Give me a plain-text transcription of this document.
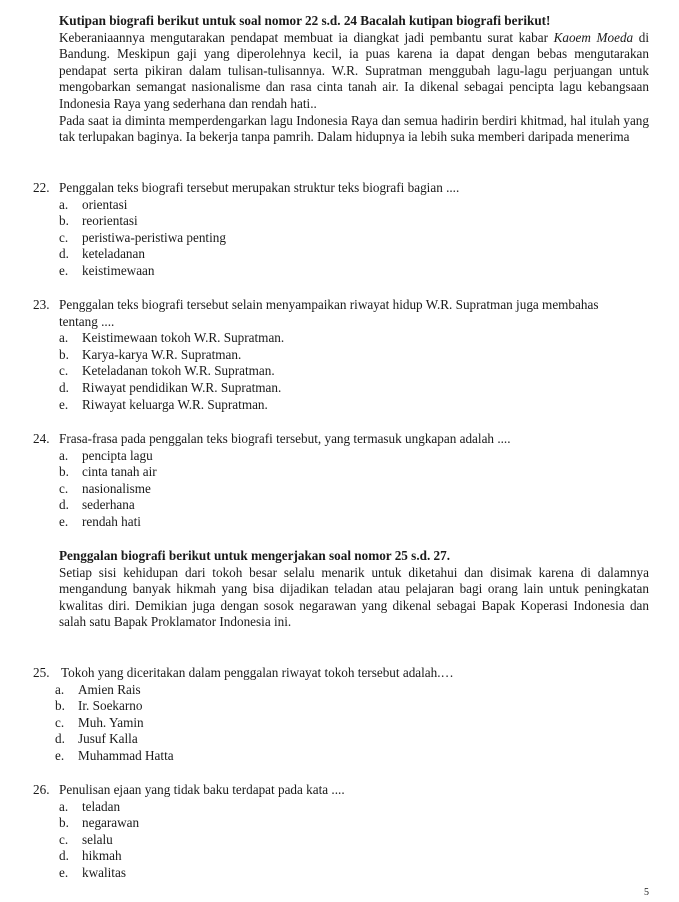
Kutipan biografi berikut untuk soal nomor 22 s.d. 24 Bacalah kutipan biografi berikut!
Keberaniaannya mengutarakan pendapat membuat ia diangkat jadi pembantu surat kabar Kaoem Moeda di Bandung. Meskipun gaji yang diperolehnya kecil, ia puas karena ia dapat dengan bebas mengutarakan pendapat serta pikiran dalam tulisan-tulisannya. W.R. Supratman menggubah lagu-lagu perjuangan untuk mengobarkan semangat nasionalisme dan rasa cinta tanah air. Ia dikenal sebagai pencipta lagu kebangsaan Indonesia Raya yang sederhana dan rendah hati..
Pada saat ia diminta memperdengarkan lagu Indonesia Raya dan semua hadirin berdiri khitmad, hal itulah yang tak terlupakan baginya. Ia bekerja tanpa pamrih. Dalam hidupnya ia lebih suka memberi daripada menerima
22. Penggalan teks biografi tersebut merupakan struktur teks biografi bagian ....
a.	orientasi
b. reorientasi
c.	peristiwa-peristiwa penting
d. keteladanan
e.	keistimewaan
23. Penggalan teks biografi tersebut selain menyampaikan riwayat hidup W.R. Supratman juga membahas tentang ....
a.	Keistimewaan tokoh W.R. Supratman.
b. Karya-karya W.R. Supratman.
c.	Keteladanan tokoh W.R. Supratman.
d. Riwayat pendidikan W.R. Supratman.
e.	Riwayat keluarga W.R. Supratman.
24. Frasa-frasa pada penggalan teks biografi tersebut, yang termasuk ungkapan adalah ....
a.	pencipta lagu
b. cinta tanah air
c.	nasionalisme
d. sederhana
e.	rendah hati
Penggalan biografi berikut untuk mengerjakan soal nomor 25 s.d. 27.
Setiap sisi kehidupan dari tokoh besar selalu menarik untuk diketahui dan disimak karena di dalamnya mengandung banyak hikmah yang bisa dijadikan teladan atau pelajaran bagi orang lain untuk peningkatan kwalitas diri. Demikian juga dengan sosok negarawan yang dikenal sebagai Bapak Koperasi Indonesia dan salah satu Bapak Proklamator Indonesia ini.
25. Tokoh yang diceritakan dalam penggalan riwayat tokoh tersebut adalah.…
a.	Amien Rais
b. Ir. Soekarno
c.	Muh. Yamin
d. Jusuf Kalla
e.	Muhammad Hatta
26. Penulisan ejaan yang tidak baku terdapat pada kata ....
a.	teladan
b. negarawan
c.	selalu
d. hikmah
e.	kwalitas
5
